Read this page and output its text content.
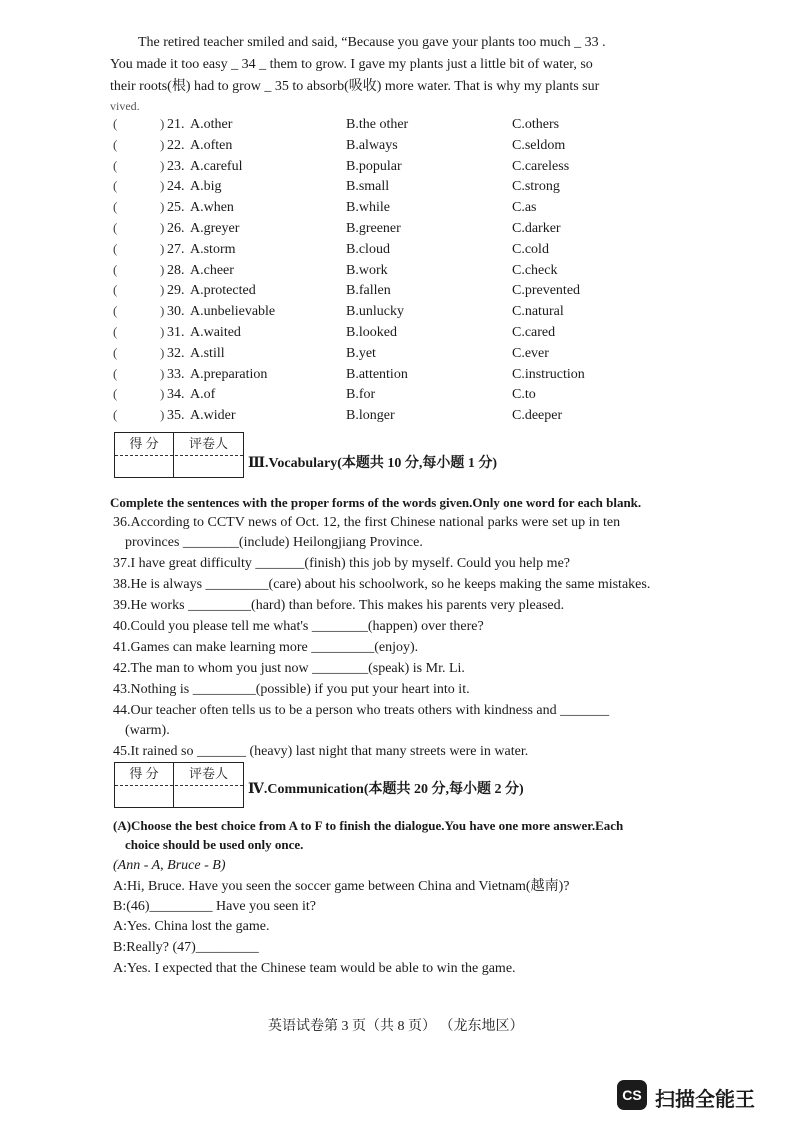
The retired teacher smiled and said, “Because you gave your plants too much _ 33 .
You made it too easy _ 34 _ them to grow. I gave my plants just a little bit of water, so
their roots(根) had to grow _ 35 to absorb(吸收) more water. That is why my plants sur
vived.
(	) 21. A.other	B.the other	C.others
(	) 22. A.often	B.always	C.seldom
(	) 23. A.careful	B.popular	C.careless
(	) 24. A.big	B.small	C.strong
(	) 25. A.when	B.while	C.as
(	) 26. A.greyer	B.greener	C.darker
(	) 27. A.storm	B.cloud	C.cold
(	) 28. A.cheer	B.work	C.check
(	) 29. A.protected	B.fallen	C.prevented
(	) 30. A.unbelievable	B.unlucky	C.natural
(	) 31. A.waited	B.looked	C.cared
(	) 32. A.still	B.yet	C.ever
(	) 33. A.preparation	B.attention	C.instruction
(	) 34. A.of	B.for	C.to
(	) 35. A.wider	B.longer	C.deeper
得 分	评卷人
Ⅲ.Vocabulary(本题共 10 分,每小题 1 分)
Complete the sentences with the proper forms of the words given.Only one word for each blank.
36.According to CCTV news of Oct. 12, the first Chinese national parks were set up in ten
provinces ________(include) Heilongjiang Province.
37.I have great difficulty _______(finish) this job by myself. Could you help me?
38.He is always _________(care) about his schoolwork, so he keeps making the same mistakes.
39.He works _________(hard) than before. This makes his parents very pleased.
40.Could you please tell me what's ________(happen) over there?
41.Games can make learning more _________(enjoy).
42.The man to whom you just now ________(speak) is Mr. Li.
43.Nothing is _________(possible) if you put your heart into it.
44.Our teacher often tells us to be a person who treats others with kindness and _______
(warm).
45.It rained so _______ (heavy) last night that many streets were in water.
得 分	评卷人
Ⅳ.Communication(本题共 20 分,每小题 2 分)
(A)Choose the best choice from A to F to finish the dialogue.You have one more answer.Each
choice should be used only once.
(Ann - A, Bruce - B)
A:Hi, Bruce. Have you seen the soccer game between China and Vietnam(越南)?
B:(46)_________ Have you seen it?
A:Yes. China lost the game.
B:Really? (47)_________
A:Yes. I expected that the Chinese team would be able to win the game.
英语试卷第 3 页（共 8 页） （龙东地区）
CS 扫描全能王
